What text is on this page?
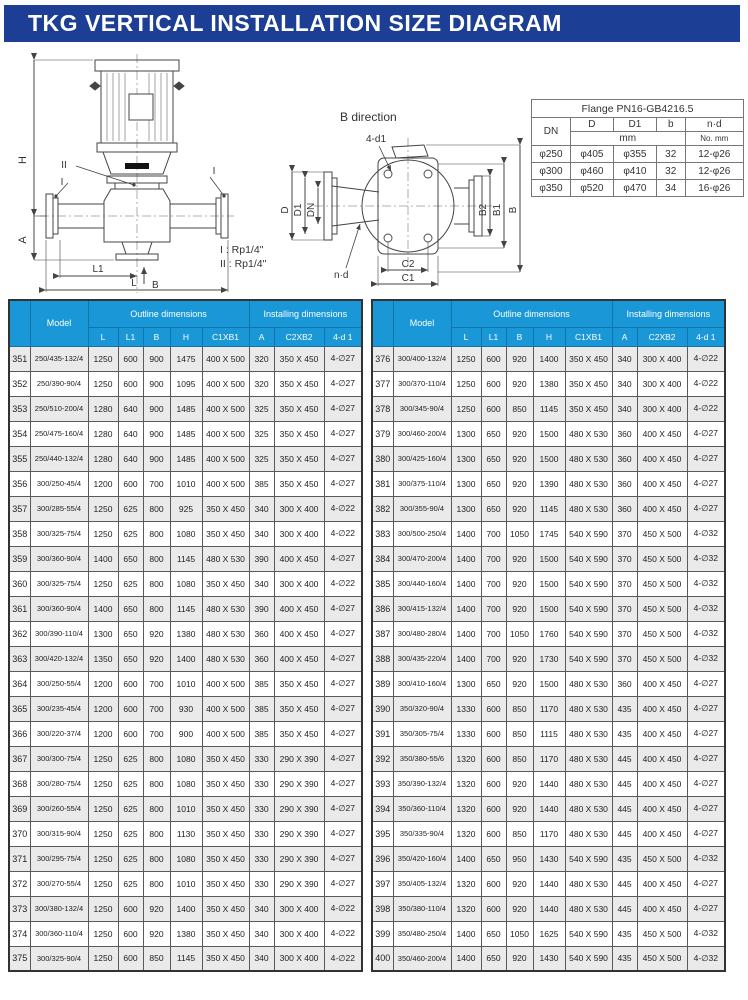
TKG VERTICAL INSTALLATION SIZE DIAGRAM
H
A
II
I
I
L1
B
L
I : Rp1/4"
II : Rp1/4"
B direction
4-d1
n·d
D D1 DN	B2 B1 B
C2
C1
Flange PN16-GB4216.5				
DN	D	D1	b	n·d
	mm			No. mm
φ250	φ405	φ355	32	12-φ26
φ300	φ460	φ410	32	12-φ26
φ350	φ520	φ470	34	16-φ26
	Model	Outline dimensions					Installing dimensions		
		L	L1	B	H	C1XB1	A	C2XB2	4-d 1
351	250/435-132/4	1250	600	900	1475	400 X 500	320	350 X 450	4-∅27
352	250/390-90/4	1250	600	900	1095	400 X 500	320	350 X 450	4-∅27
353	250/510-200/4	1280	640	900	1485	400 X 500	325	350 X 450	4-∅27
354	250/475-160/4	1280	640	900	1485	400 X 500	325	350 X 450	4-∅27
355	250/440-132/4	1280	640	900	1485	400 X 500	325	350 X 450	4-∅27
356	300/250-45/4	1200	600	700	1010	400 X 500	385	350 X 450	4-∅27
357	300/285-55/4	1250	625	800	925	350 X 450	340	300 X 400	4-∅22
358	300/325-75/4	1250	625	800	1080	350 X 450	340	300 X 400	4-∅22
359	300/360-90/4	1400	650	800	1145	480 X 530	390	400 X 450	4-∅27
360	300/325-75/4	1250	625	800	1080	350 X 450	340	300 X 400	4-∅22
361	300/360-90/4	1400	650	800	1145	480 X 530	390	400 X 450	4-∅27
362	300/390-110/4	1300	650	920	1380	480 X 530	360	400 X 450	4-∅27
363	300/420-132/4	1350	650	920	1400	480 X 530	360	400 X 450	4-∅27
364	300/250-55/4	1200	600	700	1010	400 X 500	385	350 X 450	4-∅27
365	300/235-45/4	1200	600	700	930	400 X 500	385	350 X 450	4-∅27
366	300/220-37/4	1200	600	700	900	400 X 500	385	350 X 450	4-∅27
367	300/300-75/4	1250	625	800	1080	350 X 450	330	290 X 390	4-∅27
368	300/280-75/4	1250	625	800	1080	350 X 450	330	290 X 390	4-∅27
369	300/260-55/4	1250	625	800	1010	350 X 450	330	290 X 390	4-∅27
370	300/315-90/4	1250	625	800	1130	350 X 450	330	290 X 390	4-∅27
371	300/295-75/4	1250	625	800	1080	350 X 450	330	290 X 390	4-∅27
372	300/270-55/4	1250	625	800	1010	350 X 450	330	290 X 390	4-∅27
373	300/380-132/4	1250	600	920	1400	350 X 450	340	300 X 400	4-∅22
374	300/360-110/4	1250	600	920	1380	350 X 450	340	300 X 400	4-∅22
375	300/325-90/4	1250	600	850	1145	350 X 450	340	300 X 400	4-∅22
	Model	Outline dimensions					Installing dimensions		
		L	L1	B	H	C1XB1	A	C2XB2	4-d 1
376	300/400-132/4	1250	600	920	1400	350 X 450	340	300 X 400	4-∅22
377	300/370-110/4	1250	600	920	1380	350 X 450	340	300 X 400	4-∅22
378	300/345-90/4	1250	600	850	1145	350 X 450	340	300 X 400	4-∅22
379	300/460-200/4	1300	650	920	1500	480 X 530	360	400 X 450	4-∅27
380	300/425-160/4	1300	650	920	1500	480 X 530	360	400 X 450	4-∅27
381	300/375-110/4	1300	650	920	1390	480 X 530	360	400 X 450	4-∅27
382	300/355-90/4	1300	650	920	1145	480 X 530	360	400 X 450	4-∅27
383	300/500-250/4	1400	700	1050	1745	540 X 590	370	450 X 500	4-∅32
384	300/470-200/4	1400	700	920	1500	540 X 590	370	450 X 500	4-∅32
385	300/440-160/4	1400	700	920	1500	540 X 590	370	450 X 500	4-∅32
386	300/415-132/4	1400	700	920	1500	540 X 590	370	450 X 500	4-∅32
387	300/480-280/4	1400	700	1050	1760	540 X 590	370	450 X 500	4-∅32
388	300/435-220/4	1400	700	920	1730	540 X 590	370	450 X 500	4-∅32
389	300/410-160/4	1300	650	920	1500	480 X 530	360	400 X 450	4-∅27
390	350/320-90/4	1330	600	850	1170	480 X 530	435	400 X 450	4-∅27
391	350/305-75/4	1330	600	850	1115	480 X 530	435	400 X 450	4-∅27
392	350/380-55/6	1320	600	850	1170	480 X 530	445	400 X 450	4-∅27
393	350/390-132/4	1320	600	920	1440	480 X 530	445	400 X 450	4-∅27
394	350/360-110/4	1320	600	920	1440	480 X 530	445	400 X 450	4-∅27
395	350/335-90/4	1320	600	850	1170	480 X 530	445	400 X 450	4-∅27
396	350/420-160/4	1400	650	950	1430	540 X 590	435	450 X 500	4-∅32
397	350/405-132/4	1320	600	920	1440	480 X 530	445	400 X 450	4-∅27
398	350/380-110/4	1320	600	920	1440	480 X 530	445	400 X 450	4-∅27
399	350/480-250/4	1400	650	1050	1625	540 X 590	435	450 X 500	4-∅32
400	350/460-200/4	1400	650	920	1430	540 X 590	435	450 X 500	4-∅32
